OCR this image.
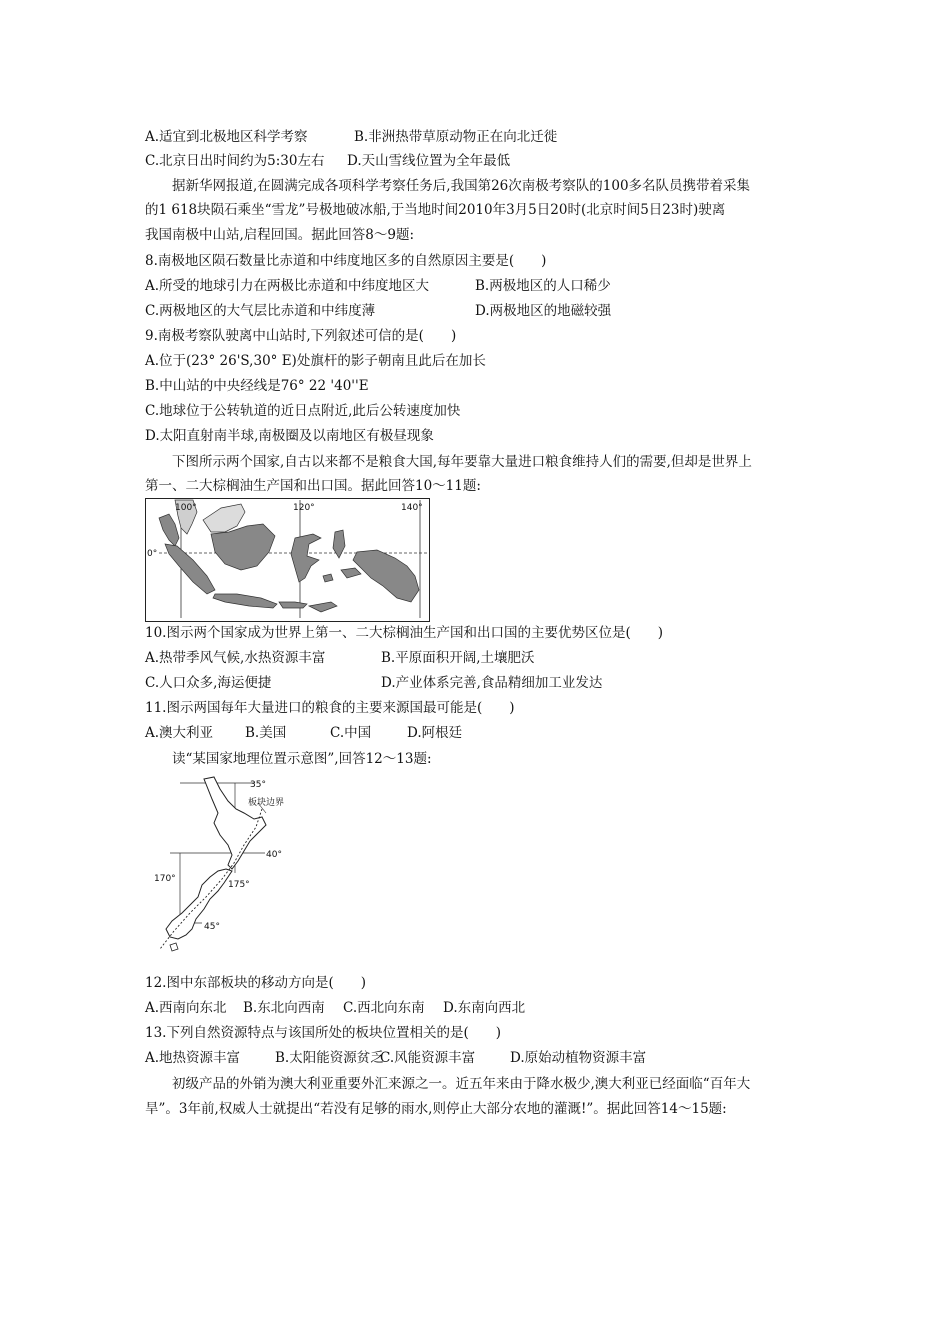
A.适宜到北极地区科学考察	B.非洲热带草原动物正在向北迁徙
C.北京日出时间约为5:30左右 D.天山雪线位置为全年最低
据新华网报道,在圆满完成各项科学考察任务后,我国第26次南极考察队的100多名队员携带着采集
的1 618块陨石乘坐“雪龙”号极地破冰船,于当地时间2010年3月5日20时(北京时间5日23时)驶离
我国南极中山站,启程回国。据此回答8～9题:
8.南极地区陨石数量比赤道和中纬度地区多的自然原因主要是(　　)
A.所受的地球引力在两极比赤道和中纬度地区大	B.两极地区的人口稀少
C.两极地区的大气层比赤道和中纬度薄	D.两极地区的地磁较强
9.南极考察队驶离中山站时,下列叙述可信的是(　　)
A.位于(23° 26'S,30° E)处旗杆的影子朝南且此后在加长
B.中山站的中央经线是76° 22 '40''E
C.地球位于公转轨道的近日点附近,此后公转速度加快
D.太阳直射南半球,南极圈及以南地区有极昼现象
下图所示两个国家,自古以来都不是粮食大国,每年要靠大量进口粮食维持人们的需要,但却是世界上
第一、二大棕榈油生产国和出口国。据此回答10～11题:
100°	120°	140°
0°
10.图示两个国家成为世界上第一、二大棕榈油生产国和出口国的主要优势区位是(　　)
A.热带季风气候,水热资源丰富	B.平原面积开阔,土壤肥沃
C.人口众多,海运便捷	D.产业体系完善,食品精细加工业发达
11.图示两国每年大量进口的粮食的主要来源国最可能是(　　)
A.澳大利亚 B.美国	C.中国	D.阿根廷
读“某国家地理位置示意图”,回答12～13题:
35°
板块边界
40°
170°
175°
45°
12.图中东部板块的移动方向是(　　)
A.西南向东北 B.东北向西南 C.西北向东南 D.东南向西北
13.下列自然资源特点与该国所处的板块位置相关的是(　　)
A.地热资源丰富	B.太阳能资源贫乏
C.风能资源丰富	D.原始动植物资源丰富
初级产品的外销为澳大利亚重要外汇来源之一。近五年来由于降水极少,澳大利亚已经面临“百年大
旱”。3年前,权威人士就提出“若没有足够的雨水,则停止大部分农地的灌溉!”。据此回答14～15题:
